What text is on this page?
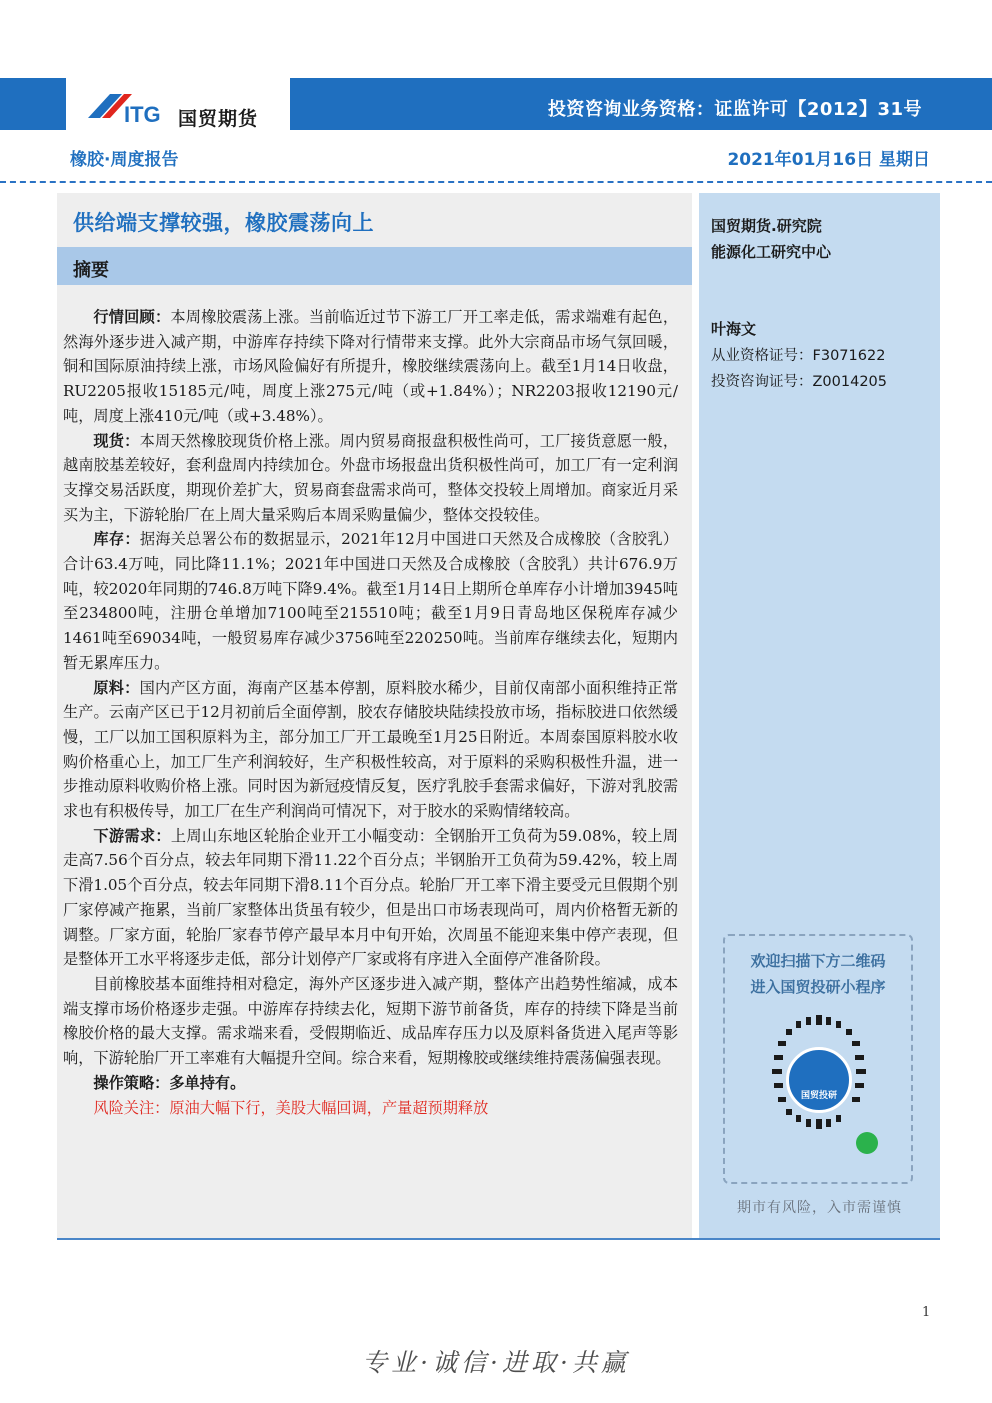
ITG 国贸期货	投资咨询业务资格：证监许可【2012】31号
橡胶·周度报告	2021年01月16日 星期日
供给端支撑较强，橡胶震荡向上
摘要

行情回顾：本周橡胶震荡上涨。当前临近过节下游工厂开工率走低，需求端难有起色，然海外逐步进入减产期，中游库存持续下降对行情带来支撑。此外大宗商品市场气氛回暖，铜和国际原油持续上涨，市场风险偏好有所提升，橡胶继续震荡向上。截至1月14日收盘，RU2205报收15185元/吨，周度上涨275元/吨（或+1.84%）；NR2203报收12190元/吨，周度上涨410元/吨（或+3.48%）。

现货：本周天然橡胶现货价格上涨。周内贸易商报盘积极性尚可，工厂接货意愿一般，越南胶基差较好，套利盘周内持续加仓。外盘市场报盘出货积极性尚可，加工厂有一定利润支撑交易活跃度，期现价差扩大，贸易商套盘需求尚可，整体交投较上周增加。商家近月采买为主，下游轮胎厂在上周大量采购后本周采购量偏少，整体交投较佳。

库存：据海关总署公布的数据显示，2021年12月中国进口天然及合成橡胶（含胶乳）合计63.4万吨，同比降11.1%；2021年中国进口天然及合成橡胶（含胶乳）共计676.9万吨，较2020年同期的746.8万吨下降9.4%。截至1月14日上期所仓单库存小计增加3945吨至234800吨，注册仓单增加7100吨至215510吨；截至1月9日青岛地区保税库存减少1461吨至69034吨，一般贸易库存减少3756吨至220250吨。当前库存继续去化，短期内暂无累库压力。

原料：国内产区方面，海南产区基本停割，原料胶水稀少，目前仅南部小面积维持正常生产。云南产区已于12月初前后全面停割，胶农存储胶块陆续投放市场，指标胶进口依然缓慢，工厂以加工国积原料为主，部分加工厂开工最晚至1月25日附近。本周泰国原料胶水收购价格重心上，加工厂生产利润较好，生产积极性较高，对于原料的采购积极性升温，进一步推动原料收购价格上涨。同时因为新冠疫情反复，医疗乳胶手套需求偏好，下游对乳胶需求也有积极传导，加工厂在生产利润尚可情况下，对于胶水的采购情绪较高。

下游需求：上周山东地区轮胎企业开工小幅变动：全钢胎开工负荷为59.08%，较上周走高7.56个百分点，较去年同期下滑11.22个百分点；半钢胎开工负荷为59.42%，较上周下滑1.05个百分点，较去年同期下滑8.11个百分点。轮胎厂开工率下滑主要受元旦假期个别厂家停减产拖累，当前厂家整体出货虽有较少，但是出口市场表现尚可，周内价格暂无新的调整。厂家方面，轮胎厂家春节停产最早本月中旬开始，次周虽不能迎来集中停产表现，但是整体开工水平将逐步走低，部分计划停产厂家或将有序进入全面停产准备阶段。

目前橡胶基本面维持相对稳定，海外产区逐步进入减产期，整体产出趋势性缩减，成本端支撑市场价格逐步走强。中游库存持续去化，短期下游节前备货，库存的持续下降是当前橡胶价格的最大支撑。需求端来看，受假期临近、成品库存压力以及原料备货进入尾声等影响，下游轮胎厂开工率难有大幅提升空间。综合来看，短期橡胶或继续维持震荡偏强表现。

操作策略：多单持有。

风险关注：原油大幅下行，美股大幅回调，产量超预期释放

国贸期货.研究院
能源化工研究中心
叶海文
从业资格证号：F3071622
投资咨询证号：Z0014205
欢迎扫描下方二维码
进入国贸投研小程序
国贸投研
期市有风险，入市需谨慎
1
专业·诚信·进取·共赢
